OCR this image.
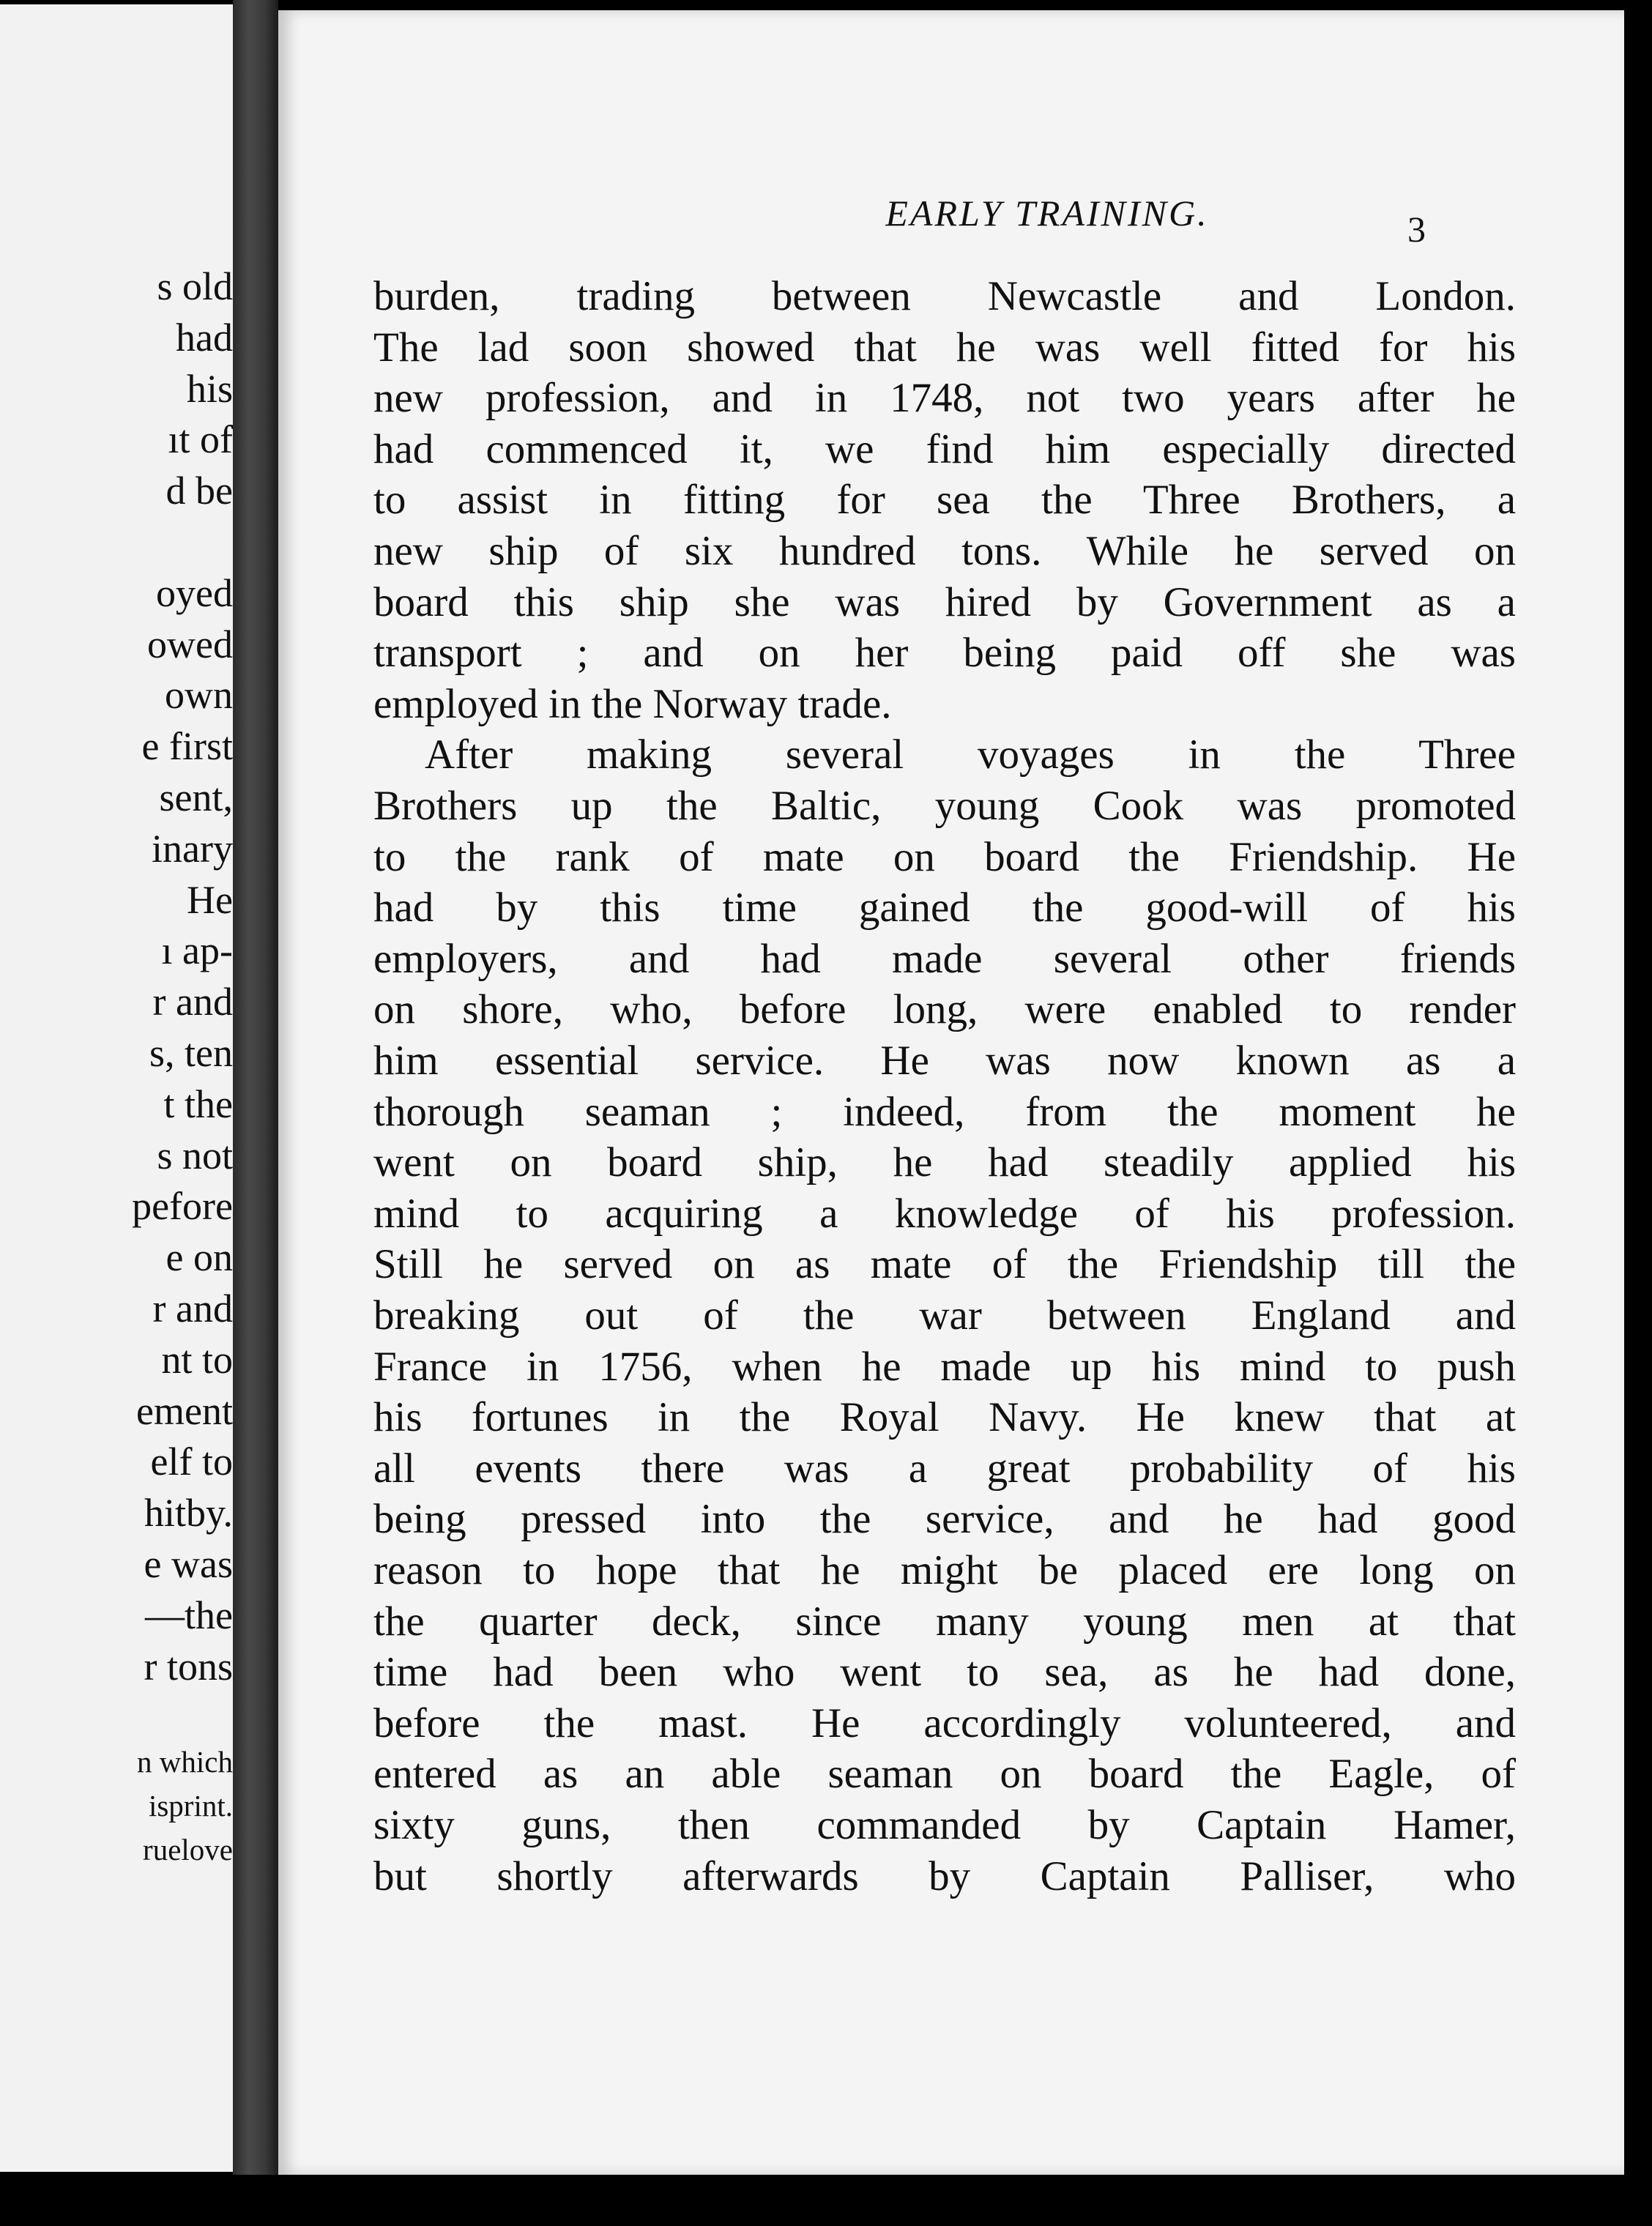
s old
had
his
ıt of
d be
oyed
owed
own
e first
sent,
inary
He
ı ap-
r and
s, ten
t the
s not
pefore
e on
r and
nt to
ement
elf to
hitby.
e was
—the
r tons
n which
isprint.
ruelove
EARLY TRAINING.	3
burden, trading between Newcastle and London.
The lad soon showed that he was well fitted for his
new profession, and in 1748, not two years after he
had commenced it, we find him especially directed
to assist in fitting for sea the Three Brothers, a
new ship of six hundred tons. While he served on
board this ship she was hired by Government as a
transport ; and on her being paid off she was
employed in the Norway trade.
After making several voyages in the Three
Brothers up the Baltic, young Cook was promoted
to the rank of mate on board the Friendship. He
had by this time gained the good-will of his
employers, and had made several other friends
on shore, who, before long, were enabled to render
him essential service. He was now known as a
thorough seaman ; indeed, from the moment he
went on board ship, he had steadily applied his
mind to acquiring a knowledge of his profession.
Still he served on as mate of the Friendship till the
breaking out of the war between England and
France in 1756, when he made up his mind to push
his fortunes in the Royal Navy. He knew that at
all events there was a great probability of his
being pressed into the service, and he had good
reason to hope that he might be placed ere long on
the quarter deck, since many young men at that
time had been who went to sea, as he had done,
before the mast. He accordingly volunteered, and
entered as an able seaman on board the Eagle, of
sixty guns, then commanded by Captain Hamer,
but shortly afterwards by Captain Palliser, who
